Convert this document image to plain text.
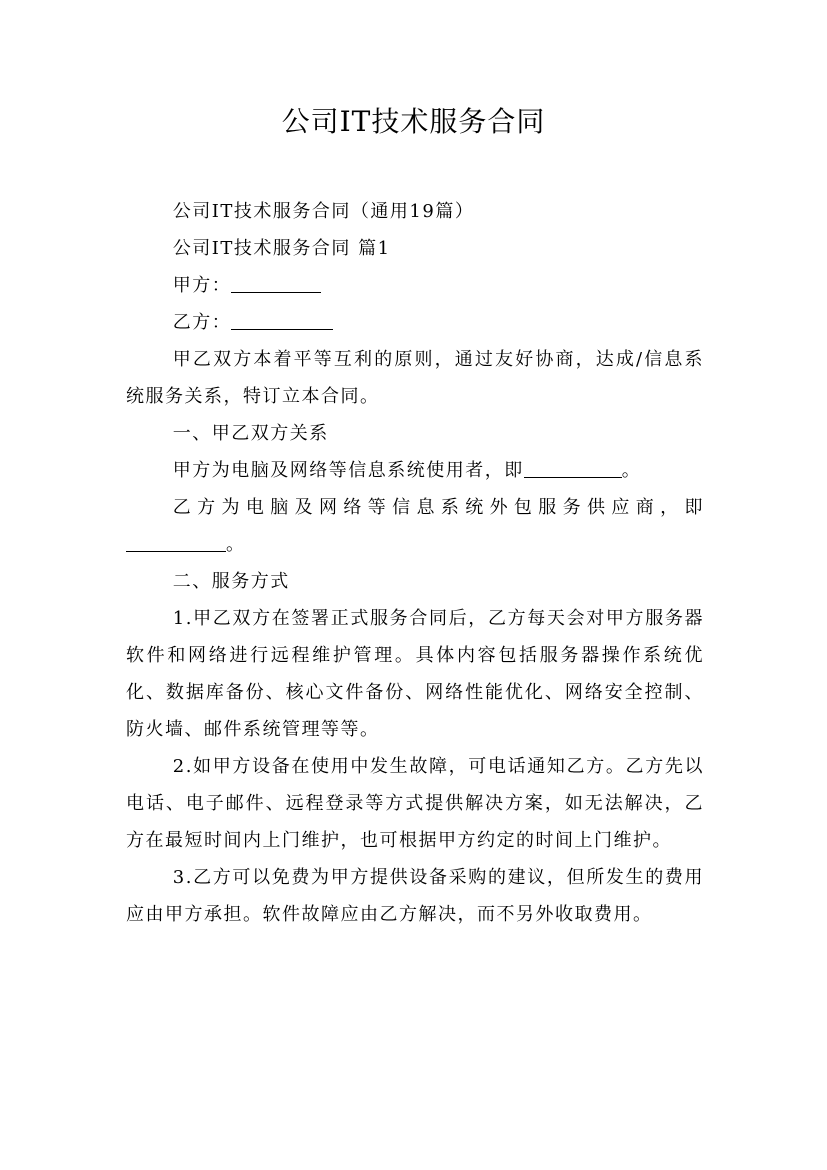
公司IT技术服务合同

公司IT技术服务合同（通用19篇）

公司IT技术服务合同 篇1

甲方：

乙方：

甲乙双方本着平等互利的原则，通过友好协商，达成/信息系统服务关系，特订立本合同。

一、甲乙双方关系

甲方为电脑及网络等信息系统使用者，即	。

乙方为电脑及网络等信息系统外包服务供应商，即

。

二、服务方式

1.甲乙双方在签署正式服务合同后，乙方每天会对甲方服务器软件和网络进行远程维护管理。具体内容包括服务器操作系统优化、数据库备份、核心文件备份、网络性能优化、网络安全控制、防火墙、邮件系统管理等等。

2.如甲方设备在使用中发生故障，可电话通知乙方。乙方先以电话、电子邮件、远程登录等方式提供解决方案，如无法解决，乙方在最短时间内上门维护，也可根据甲方约定的时间上门维护。

3.乙方可以免费为甲方提供设备采购的建议，但所发生的费用应由甲方承担。软件故障应由乙方解决，而不另外收取费用。
